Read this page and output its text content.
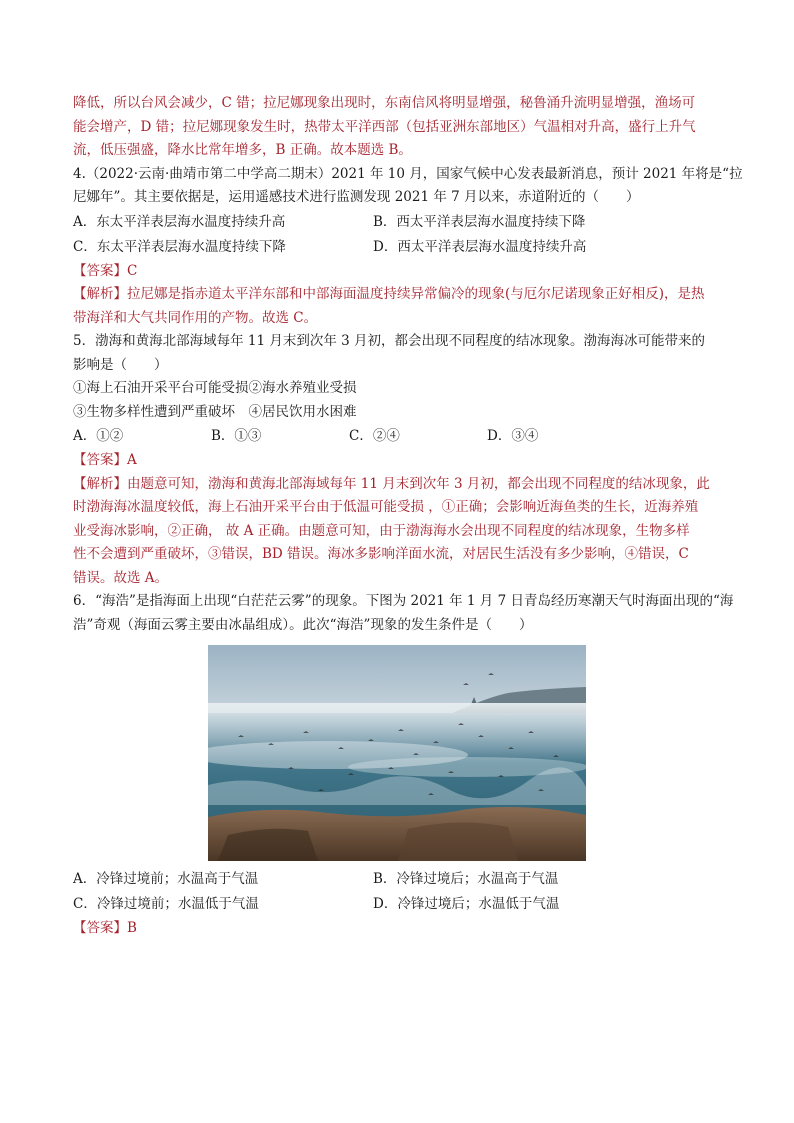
降低，所以台风会减少，C 错；拉尼娜现象出现时，东南信风将明显增强，秘鲁涌升流明显增强，渔场可
能会增产，D 错；拉尼娜现象发生时，热带太平洋西部（包括亚洲东部地区）气温相对升高，盛行上升气
流，低压强盛，降水比常年增多，B 正确。故本题选 B。
4.（2022·云南·曲靖市第二中学高二期末）2021 年 10 月，国家气候中心发表最新消息，预计 2021 年将是“拉
尼娜年”。其主要依据是，运用遥感技术进行监测发现 2021 年 7 月以来，赤道附近的（　　）
A．东太平洋表层海水温度持续升高	B．西太平洋表层海水温度持续下降
C．东太平洋表层海水温度持续下降	D．西太平洋表层海水温度持续升高
【答案】C
【解析】拉尼娜是指赤道太平洋东部和中部海面温度持续异常偏冷的现象(与厄尔尼诺现象正好相反)，是热
带海洋和大气共同作用的产物。故选 C。
5．渤海和黄海北部海域每年 11 月末到次年 3 月初，都会出现不同程度的结冰现象。渤海海冰可能带来的
影响是（　　）
①海上石油开采平台可能受损②海水养殖业受损
③生物多样性遭到严重破坏　④居民饮用水困难
A．①②	B．①③	C．②④	D．③④
【答案】A
【解析】由题意可知，渤海和黄海北部海域每年 11 月末到次年 3 月初，都会出现不同程度的结冰现象，此
时渤海海冰温度较低，海上石油开采平台由于低温可能受损 ，①正确；会影响近海鱼类的生长，近海养殖
业受海冰影响，②正确， 故 A 正确。由题意可知，由于渤海海水会出现不同程度的结冰现象，生物多样
性不会遭到严重破坏，③错误，BD 错误。海冰多影响洋面水流，对居民生活没有多少影响，④错误，C
错误。故选 A。
6．“海浩”是指海面上出现“白茫茫云雾”的现象。下图为 2021 年 1 月 7 日青岛经历寒潮天气时海面出现的“海
浩”奇观（海面云雾主要由冰晶组成）。此次“海浩”现象的发生条件是（　　）
A．冷锋过境前；水温高于气温	B．冷锋过境后；水温高于气温
C．冷锋过境前；水温低于气温	D．冷锋过境后；水温低于气温
【答案】B
